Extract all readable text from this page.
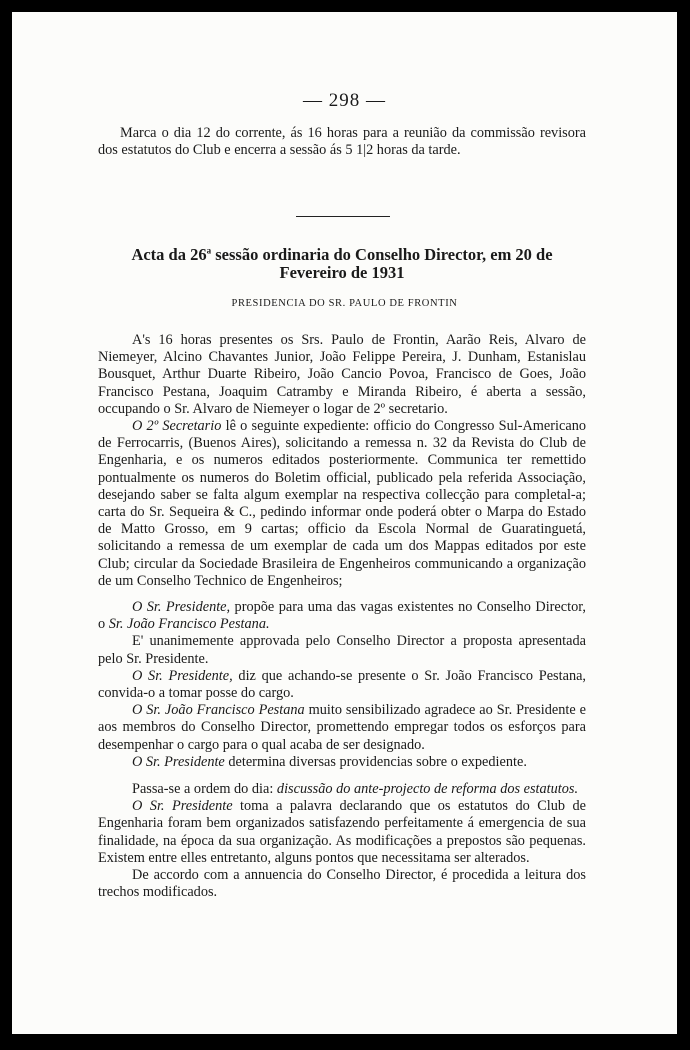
— 298 —
Marca o dia 12 do corrente, ás 16 horas para a reunião da commissão revisora dos estatutos do Club e encerra a sessão ás 5 1|2 horas da tarde.
Acta da 26$^a$ sessão ordinaria do Conselho Director, em 20 de Fevereiro de 1931
PRESIDENCIA DO SR. PAULO DE FRONTIN

A's 16 horas presentes os Srs. Paulo de Frontin, Aarão Reis, Alvaro de Niemeyer, Alcino Chavantes Junior, João Felippe Pereira, J. Dunham, Estanislau Bousquet, Arthur Duarte Ribeiro, João Cancio Povoa, Francisco de Goes, João Francisco Pestana, Joaquim Catramby e Miranda Ribeiro, é aberta a sessão, occupando o Sr. Alvaro de Niemeyer o logar de 2º secretario.

O 2º Secretario lê o seguinte expediente: officio do Congresso Sul-Americano de Ferrocarris, (Buenos Aires), solicitando a remessa n. 32 da Revista do Club de Engenharia, e os numeros editados posteriormente. Communica ter remettido pontualmente os numeros do Boletim official, publicado pela referida Associação, desejando saber se falta algum exemplar na respectiva collecção para completal-a; carta do Sr. Sequeira & C., pedindo informar onde poderá obter o Marpa do Estado de Matto Grosso, em 9 cartas; officio da Escola Normal de Guaratinguetá, solicitando a remessa de um exemplar de cada um dos Mappas editados por este Club; circular da Sociedade Brasileira de Engenheiros communicando a organização de um Conselho Technico de Engenheiros;

O Sr. Presidente, propõe para uma das vagas existentes no Conselho Director, o Sr. João Francisco Pestana.

E' unanimemente approvada pelo Conselho Director a proposta apresentada pelo Sr. Presidente.

O Sr. Presidente, diz que achando-se presente o Sr. João Francisco Pestana, convida-o a tomar posse do cargo.

O Sr. João Francisco Pestana muito sensibilizado agradece ao Sr. Presidente e aos membros do Conselho Director, promettendo empregar todos os esforços para desempenhar o cargo para o qual acaba de ser designado.

O Sr. Presidente determina diversas providencias sobre o expediente.

Passa-se a ordem do dia: discussão do ante-projecto de reforma dos estatutos.

O Sr. Presidente toma a palavra declarando que os estatutos do Club de Engenharia foram bem organizados satisfazendo perfeitamente á emergencia de sua finalidade, na época da sua organização. As modificações a prepostos são pequenas. Existem entre elles entretanto, alguns pontos que necessitama ser alterados.

De accordo com a annuencia do Conselho Director, é procedida a leitura dos trechos modificados.
